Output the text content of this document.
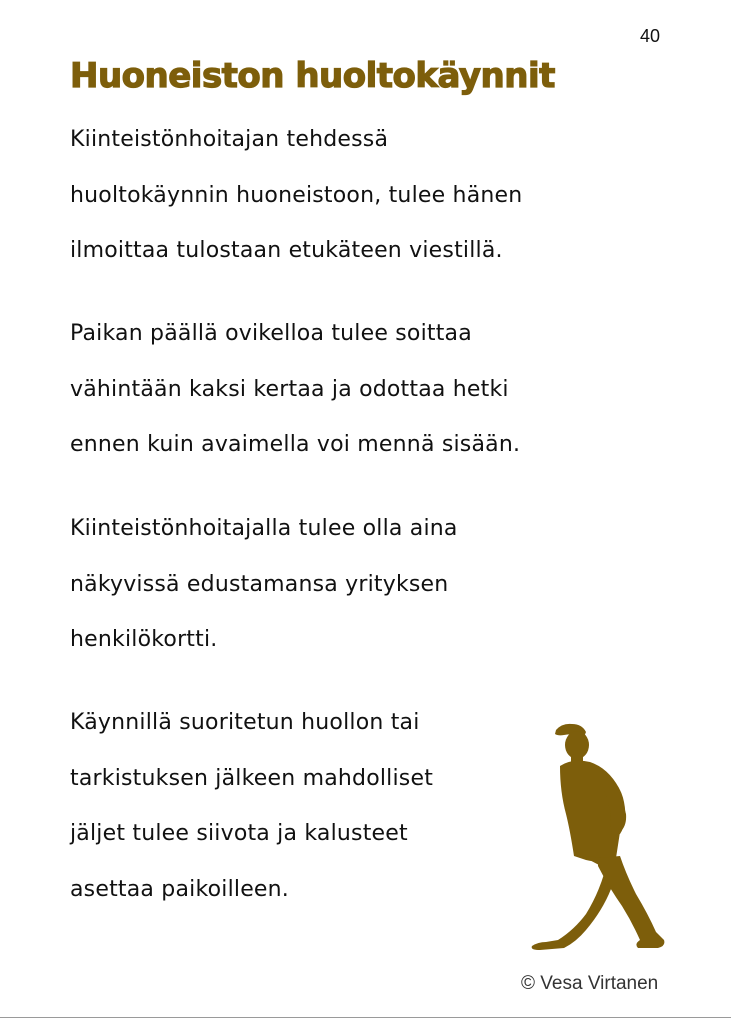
40
Huoneiston huoltokäynnit
Kiinteistönhoitajan tehdessä
huoltokäynnin huoneistoon, tulee hänen
ilmoittaa tulostaan etukäteen viestillä.
Paikan päällä ovikelloa tulee soittaa
vähintään kaksi kertaa ja odottaa hetki
ennen kuin avaimella voi mennä sisään.
Kiinteistönhoitajalla tulee olla aina
näkyvissä edustamansa yrityksen
henkilökortti.
Käynnillä suoritetun huollon tai
tarkistuksen jälkeen mahdolliset
jäljet tulee siivota ja kalusteet
asettaa paikoilleen.
© Vesa Virtanen
